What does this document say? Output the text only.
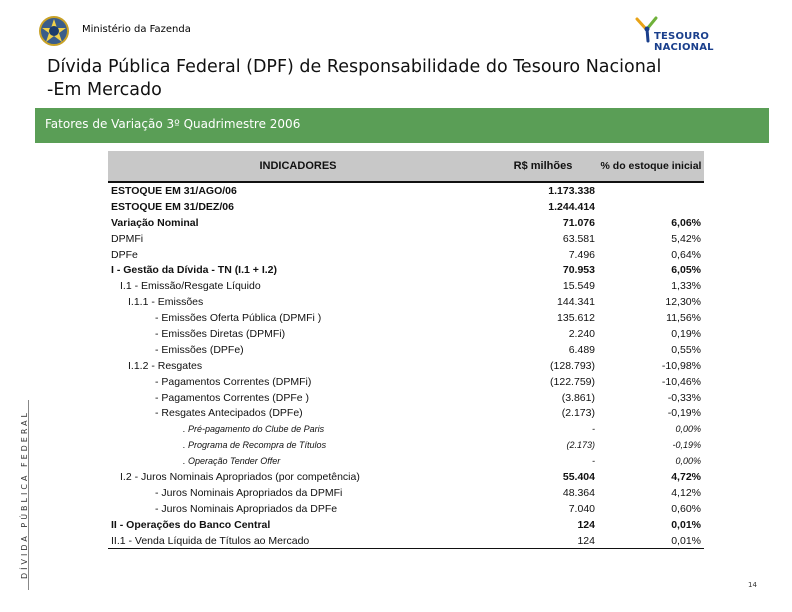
Ministério da Fazenda
TESOURO NACIONAL
Dívida Pública Federal (DPF) de Responsabilidade do Tesouro Nacional
-Em Mercado
Fatores de Variação 3º Quadrimestre 2006
DÍVIDA PÚBLICA FEDERAL
INDICADORES	R$ milhões	% do estoque inicial
ESTOQUE EM 31/AGO/06	1.173.338	
ESTOQUE EM 31/DEZ/06	1.244.414	
Variação Nominal	71.076	6,06%
DPMFi	63.581	5,42%
DPFe	7.496	0,64%
I - Gestão da Dívida - TN (I.1 + I.2)	70.953	6,05%
I.1 - Emissão/Resgate Líquido	15.549	1,33%
I.1.1 - Emissões	144.341	12,30%
- Emissões Oferta Pública (DPMFi )	135.612	11,56%
- Emissões Diretas (DPMFi)	2.240	0,19%
- Emissões (DPFe)	6.489	0,55%
I.1.2 - Resgates	(128.793)	-10,98%
- Pagamentos Correntes (DPMFi)	(122.759)	-10,46%
- Pagamentos Correntes (DPFe )	(3.861)	-0,33%
- Resgates Antecipados (DPFe)	(2.173)	-0,19%
. Pré-pagamento do Clube de Paris	-	0,00%
. Programa de Recompra de Títulos	(2.173)	-0,19%
. Operação Tender Offer	-	0,00%
I.2 - Juros Nominais Apropriados (por competência)	55.404	4,72%
- Juros Nominais Apropriados da DPMFi	48.364	4,12%
- Juros Nominais Apropriados da DPFe	7.040	0,60%
II - Operações do Banco Central	124	0,01%
II.1 - Venda Líquida de Títulos ao Mercado	124	0,01%
14
